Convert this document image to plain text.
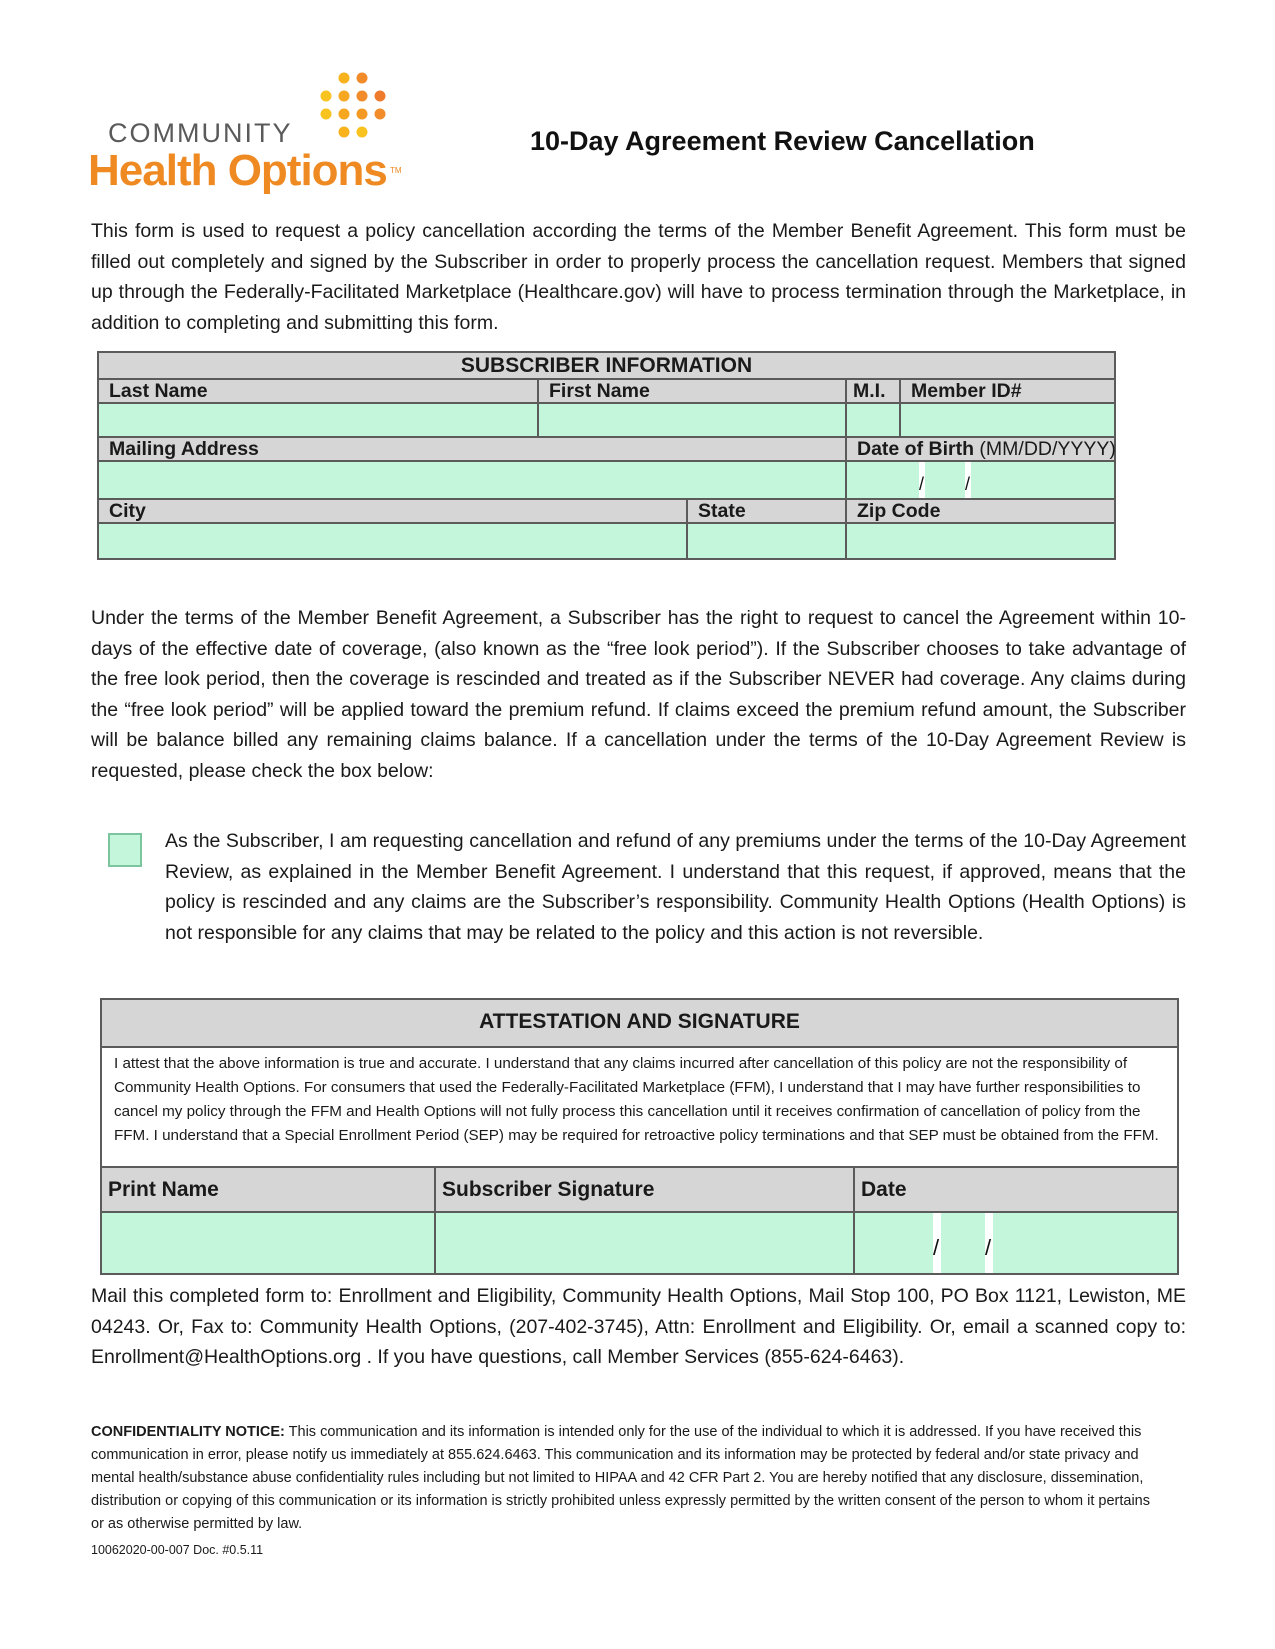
COMMUNITY
Health Options TM
10-Day Agreement Review Cancellation
This form is used to request a policy cancellation according the terms of the Member Benefit Agreement. This form must be filled out completely and signed by the Subscriber in order to properly process the cancellation request. Members that signed up through the Federally-Facilitated Marketplace (Healthcare.gov) will have to process termination through the Marketplace, in addition to completing and submitting this form.
SUBSCRIBER INFORMATION				
Last Name	First Name		M.I.	Member ID#

Mailing Address			Date of Birth (MM/DD/YYYY)	

			/ /	

City		State	Zip Code	

Under the terms of the Member Benefit Agreement, a Subscriber has the right to request to cancel the Agreement within 10-days of the effective date of coverage, (also known as the “free look period”). If the Subscriber chooses to take advantage of the free look period, then the coverage is rescinded and treated as if the Subscriber NEVER had coverage. Any claims during the “free look period” will be applied toward the premium refund. If claims exceed the premium refund amount, the Subscriber will be balance billed any remaining claims balance. If a cancellation under the terms of the 10-Day Agreement Review is requested, please check the box below:
As the Subscriber, I am requesting cancellation and refund of any premiums under the terms of the 10-Day Agreement Review, as explained in the Member Benefit Agreement. I understand that this request, if approved, means that the policy is rescinded and any claims are the Subscriber’s responsibility. Community Health Options (Health Options) is not responsible for any claims that may be related to the policy and this action is not reversible.
ATTESTATION AND SIGNATURE
I attest that the above information is true and accurate. I understand that any claims incurred after cancellation of this policy are not the responsibility of Community Health Options. For consumers that used the Federally-Facilitated Marketplace (FFM), I understand that I may have further responsibilities to cancel my policy through the FFM and Health Options will not fully process this cancellation until it receives confirmation of cancellation of policy from the FFM. I understand that a Special Enrollment Period (SEP) may be required for retroactive policy terminations and that SEP must be obtained from the FFM.
Print Name	Subscriber Signature	Date
/ /
Mail this completed form to: Enrollment and Eligibility, Community Health Options, Mail Stop 100, PO Box 1121, Lewiston, ME 04243. Or, Fax to: Community Health Options, (207-402-3745), Attn: Enrollment and Eligibility. Or, email a scanned copy to: Enrollment@HealthOptions.org . If you have questions, call Member Services (855-624-6463).
CONFIDENTIALITY NOTICE: This communication and its information is intended only for the use of the individual to which it is addressed. If you have received this communication in error, please notify us immediately at 855.624.6463. This communication and its information may be protected by federal and/or state privacy and mental health/substance abuse confidentiality rules including but not limited to HIPAA and 42 CFR Part 2. You are hereby notified that any disclosure, dissemination, distribution or copying of this communication or its information is strictly prohibited unless expressly permitted by the written consent of the person to whom it pertains or as otherwise permitted by law.
10062020-00-007 Doc. #0.5.11
